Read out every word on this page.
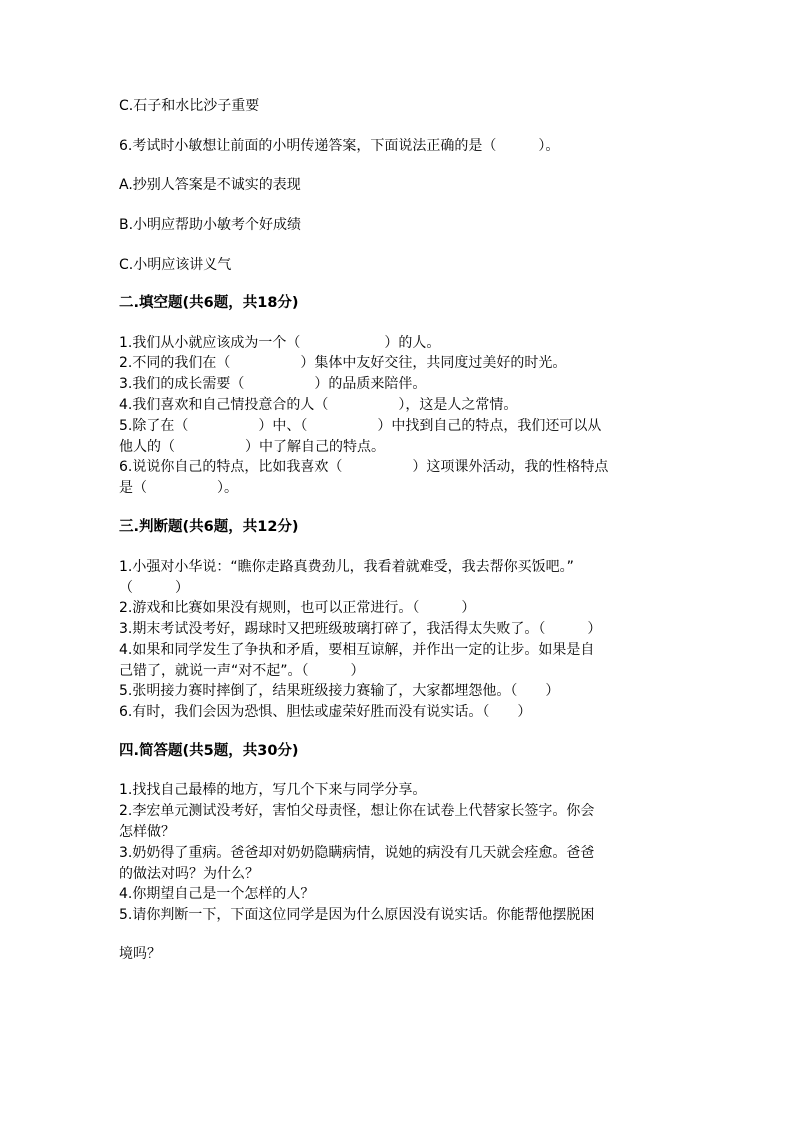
C.石子和水比沙子重要
6.考试时小敏想让前面的小明传递答案，下面说法正确的是（　　　）。
A.抄别人答案是不诚实的表现
B.小明应帮助小敏考个好成绩
C.小明应该讲义气
二.填空题(共6题，共18分)
1.我们从小就应该成为一个（　　　　　　）的人。
2.不同的我们在（　　　　　）集体中友好交往，共同度过美好的时光。
3.我们的成长需要（　　　　　）的品质来陪伴。
4.我们喜欢和自己情投意合的人（　　　　　），这是人之常情。
5.除了在（　　　　　）中、（　　　　　）中找到自己的特点，我们还可以从
他人的（　　　　　）中了解自己的特点。
6.说说你自己的特点，比如我喜欢（　　　　　）这项课外活动，我的性格特点
是（　　　　　）。
三.判断题(共6题，共12分)
1.小强对小华说：“瞧你走路真费劲儿，我看着就难受，我去帮你买饭吧。”
（　　　）
2.游戏和比赛如果没有规则，也可以正常进行。（　　　）
3.期末考试没考好，踢球时又把班级玻璃打碎了，我活得太失败了。（　　　）
4.如果和同学发生了争执和矛盾，要相互谅解，并作出一定的让步。如果是自
己错了，就说一声“对不起”。（　　　）
5.张明接力赛时摔倒了，结果班级接力赛输了，大家都埋怨他。（　　）
6.有时，我们会因为恐惧、胆怯或虚荣好胜而没有说实话。（　　）
四.简答题(共5题，共30分)
1.找找自己最棒的地方，写几个下来与同学分享。
2.李宏单元测试没考好，害怕父母责怪，想让你在试卷上代替家长签字。你会
怎样做？
3.奶奶得了重病。爸爸却对奶奶隐瞒病情，说她的病没有几天就会痊愈。爸爸
的做法对吗？为什么？
4.你期望自己是一个怎样的人？
5.请你判断一下，下面这位同学是因为什么原因没有说实话。你能帮他摆脱困
境吗？
